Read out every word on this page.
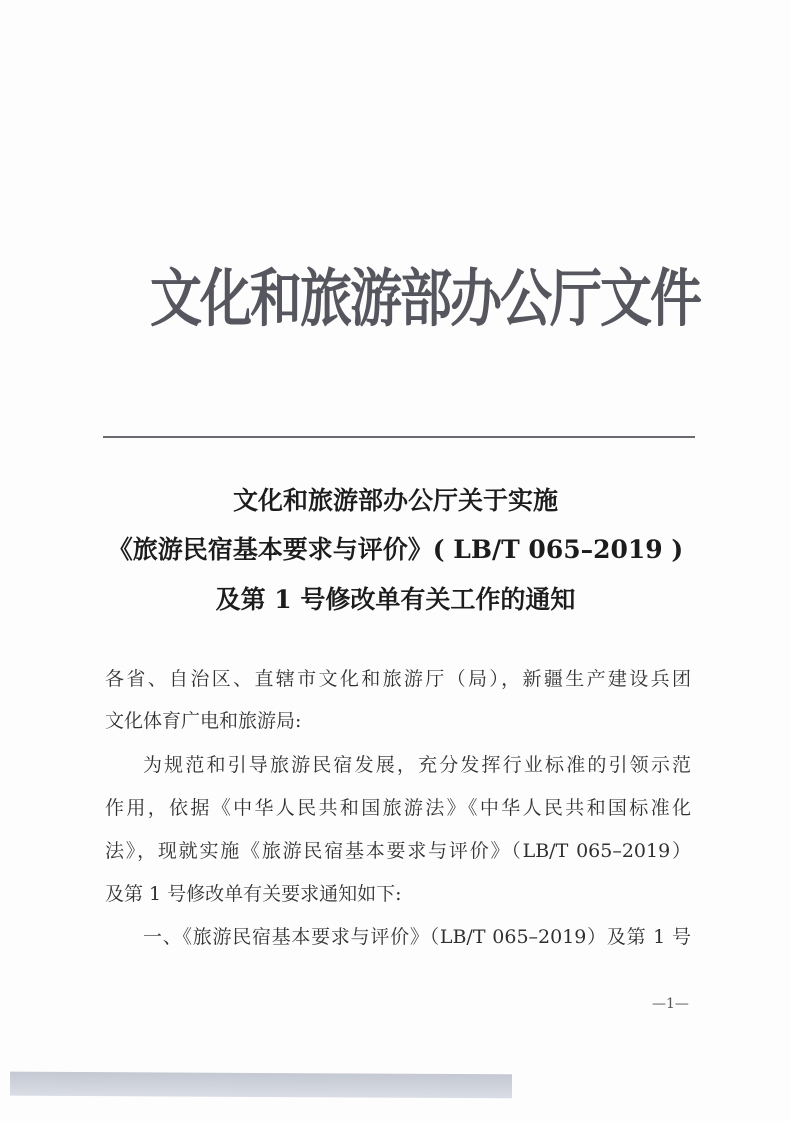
文化和旅游部办公厅文件
文化和旅游部办公厅关于实施
《旅游民宿基本要求与评价》( LB/T 065–2019 )
及第 1 号修改单有关工作的通知
各省、自治区、直辖市文化和旅游厅（局），新疆生产建设兵团
文化体育广电和旅游局:
为规范和引导旅游民宿发展，充分发挥行业标准的引领示范
作用，依据《中华人民共和国旅游法》《中华人民共和国标准化
法》，现就实施《旅游民宿基本要求与评价》（LB/T 065–2019）
及第 1 号修改单有关要求通知如下:
一、《旅游民宿基本要求与评价》（LB/T 065–2019）及第 1 号
—1—
